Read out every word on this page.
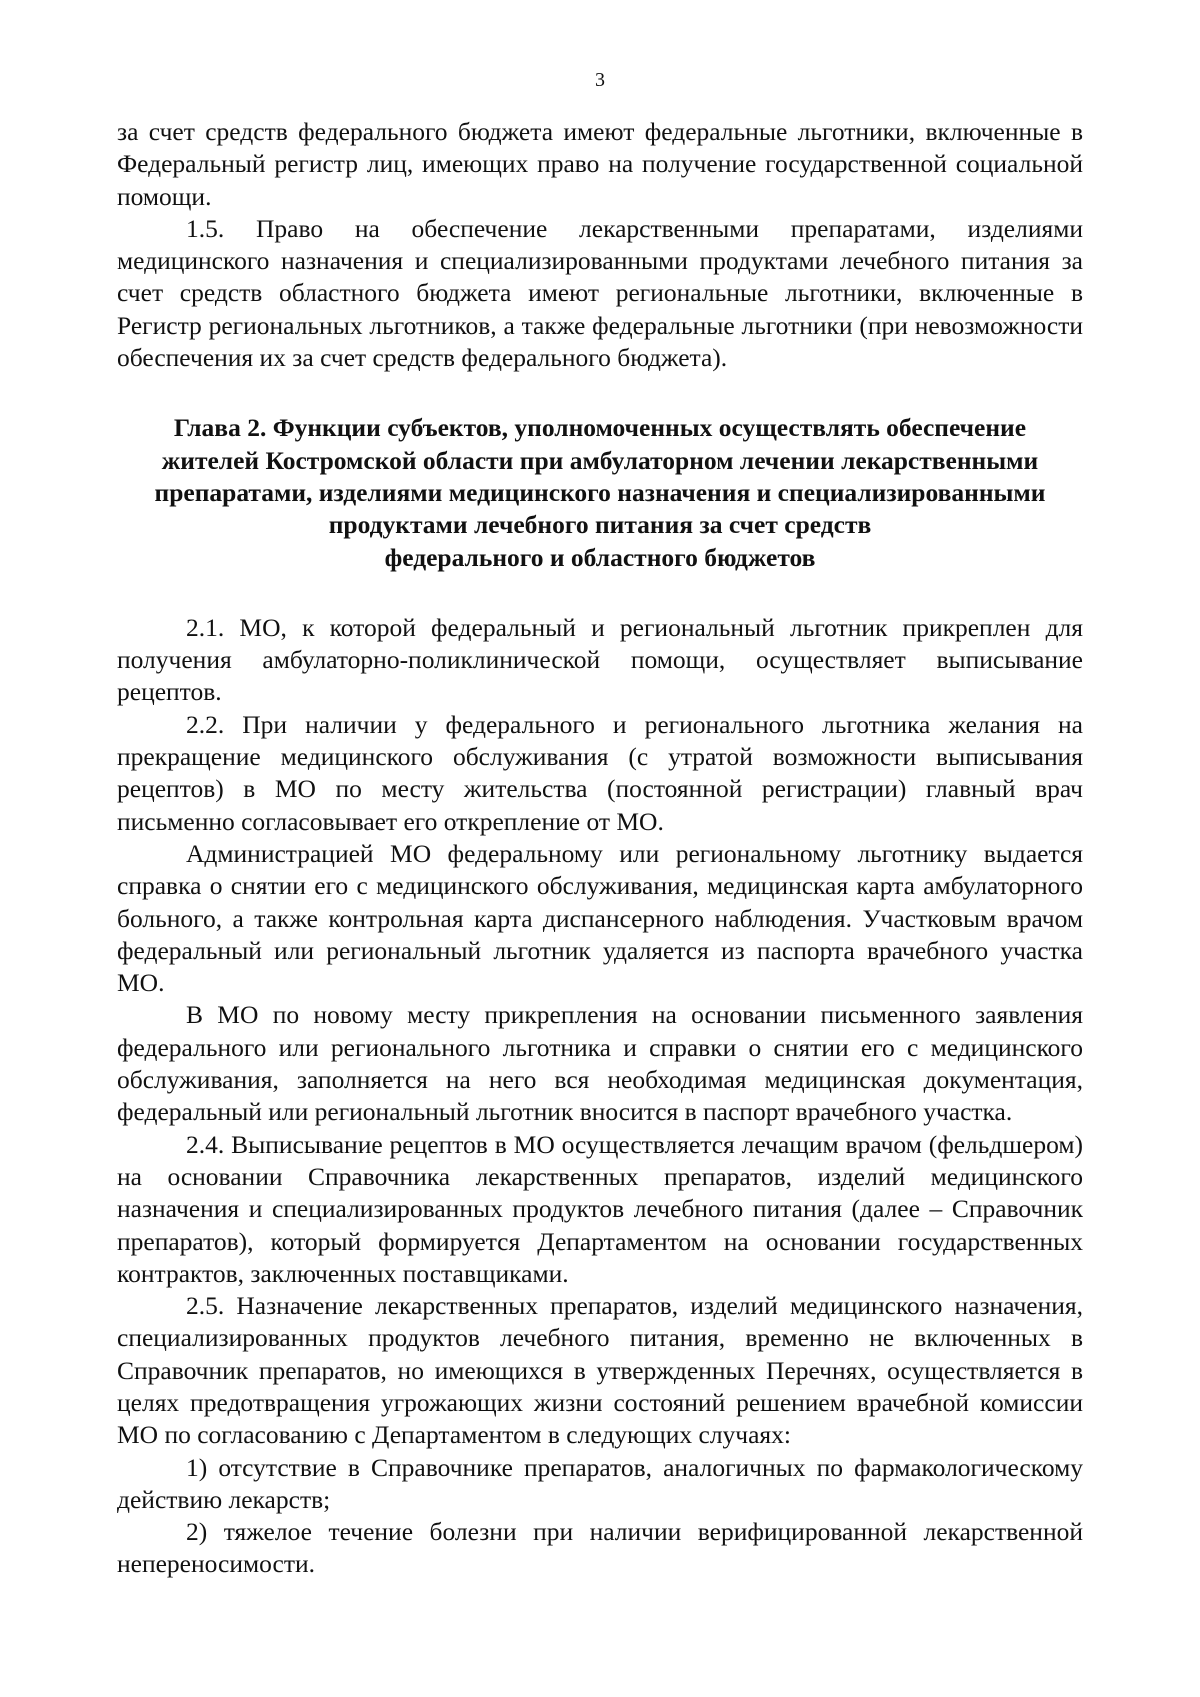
3

за счет средств федерального бюджета имеют федеральные льготники, включенные в Федеральный регистр лиц, имеющих право на получение государственной социальной помощи.

1.5. Право на обеспечение лекарственными препаратами, изделиями медицинского назначения и специализированными продуктами лечебного питания за счет средств областного бюджета имеют региональные льготники, включенные в Регистр региональных льготников, а также федеральные льготники (при невозможности обеспечения их за счет средств федерального бюджета).

Глава 2. Функции субъектов, уполномоченных осуществлять обеспечение
жителей Костромской области при амбулаторном лечении лекарственными
препаратами, изделиями медицинского назначения и специализированными
продуктами лечебного питания за счет средств
федерального и областного бюджетов

2.1. МО, к которой федеральный и региональный льготник прикреплен для получения амбулаторно-поликлинической помощи, осуществляет выписывание рецептов.

2.2. При наличии у федерального и регионального льготника желания на прекращение медицинского обслуживания (с утратой возможности выписывания рецептов) в МО по месту жительства (постоянной регистрации) главный врач письменно согласовывает его открепление от МО.

Администрацией МО федеральному или региональному льготнику выдается справка о снятии его с медицинского обслуживания, медицинская карта амбулаторного больного, а также контрольная карта диспансерного наблюдения. Участковым врачом федеральный или региональный льготник удаляется из паспорта врачебного участка МО.

В МО по новому месту прикрепления на основании письменного заявления федерального или регионального льготника и справки о снятии его с медицинского обслуживания, заполняется на него вся необходимая медицинская документация, федеральный или региональный льготник вносится в паспорт врачебного участка.

2.4. Выписывание рецептов в МО осуществляется лечащим врачом (фельдшером) на основании Справочника лекарственных препаратов, изделий медицинского назначения и специализированных продуктов лечебного питания (далее – Справочник препаратов), который формируется Департаментом на основании государственных контрактов, заключенных поставщиками.

2.5. Назначение лекарственных препаратов, изделий медицинского назначения, специализированных продуктов лечебного питания, временно не включенных в Справочник препаратов, но имеющихся в утвержденных Перечнях, осуществляется в целях предотвращения угрожающих жизни состояний решением врачебной комиссии МО по согласованию с Департаментом в следующих случаях:

1) отсутствие в Справочнике препаратов, аналогичных по фармакологическому действию лекарств;

2) тяжелое течение болезни при наличии верифицированной лекарственной непереносимости.
